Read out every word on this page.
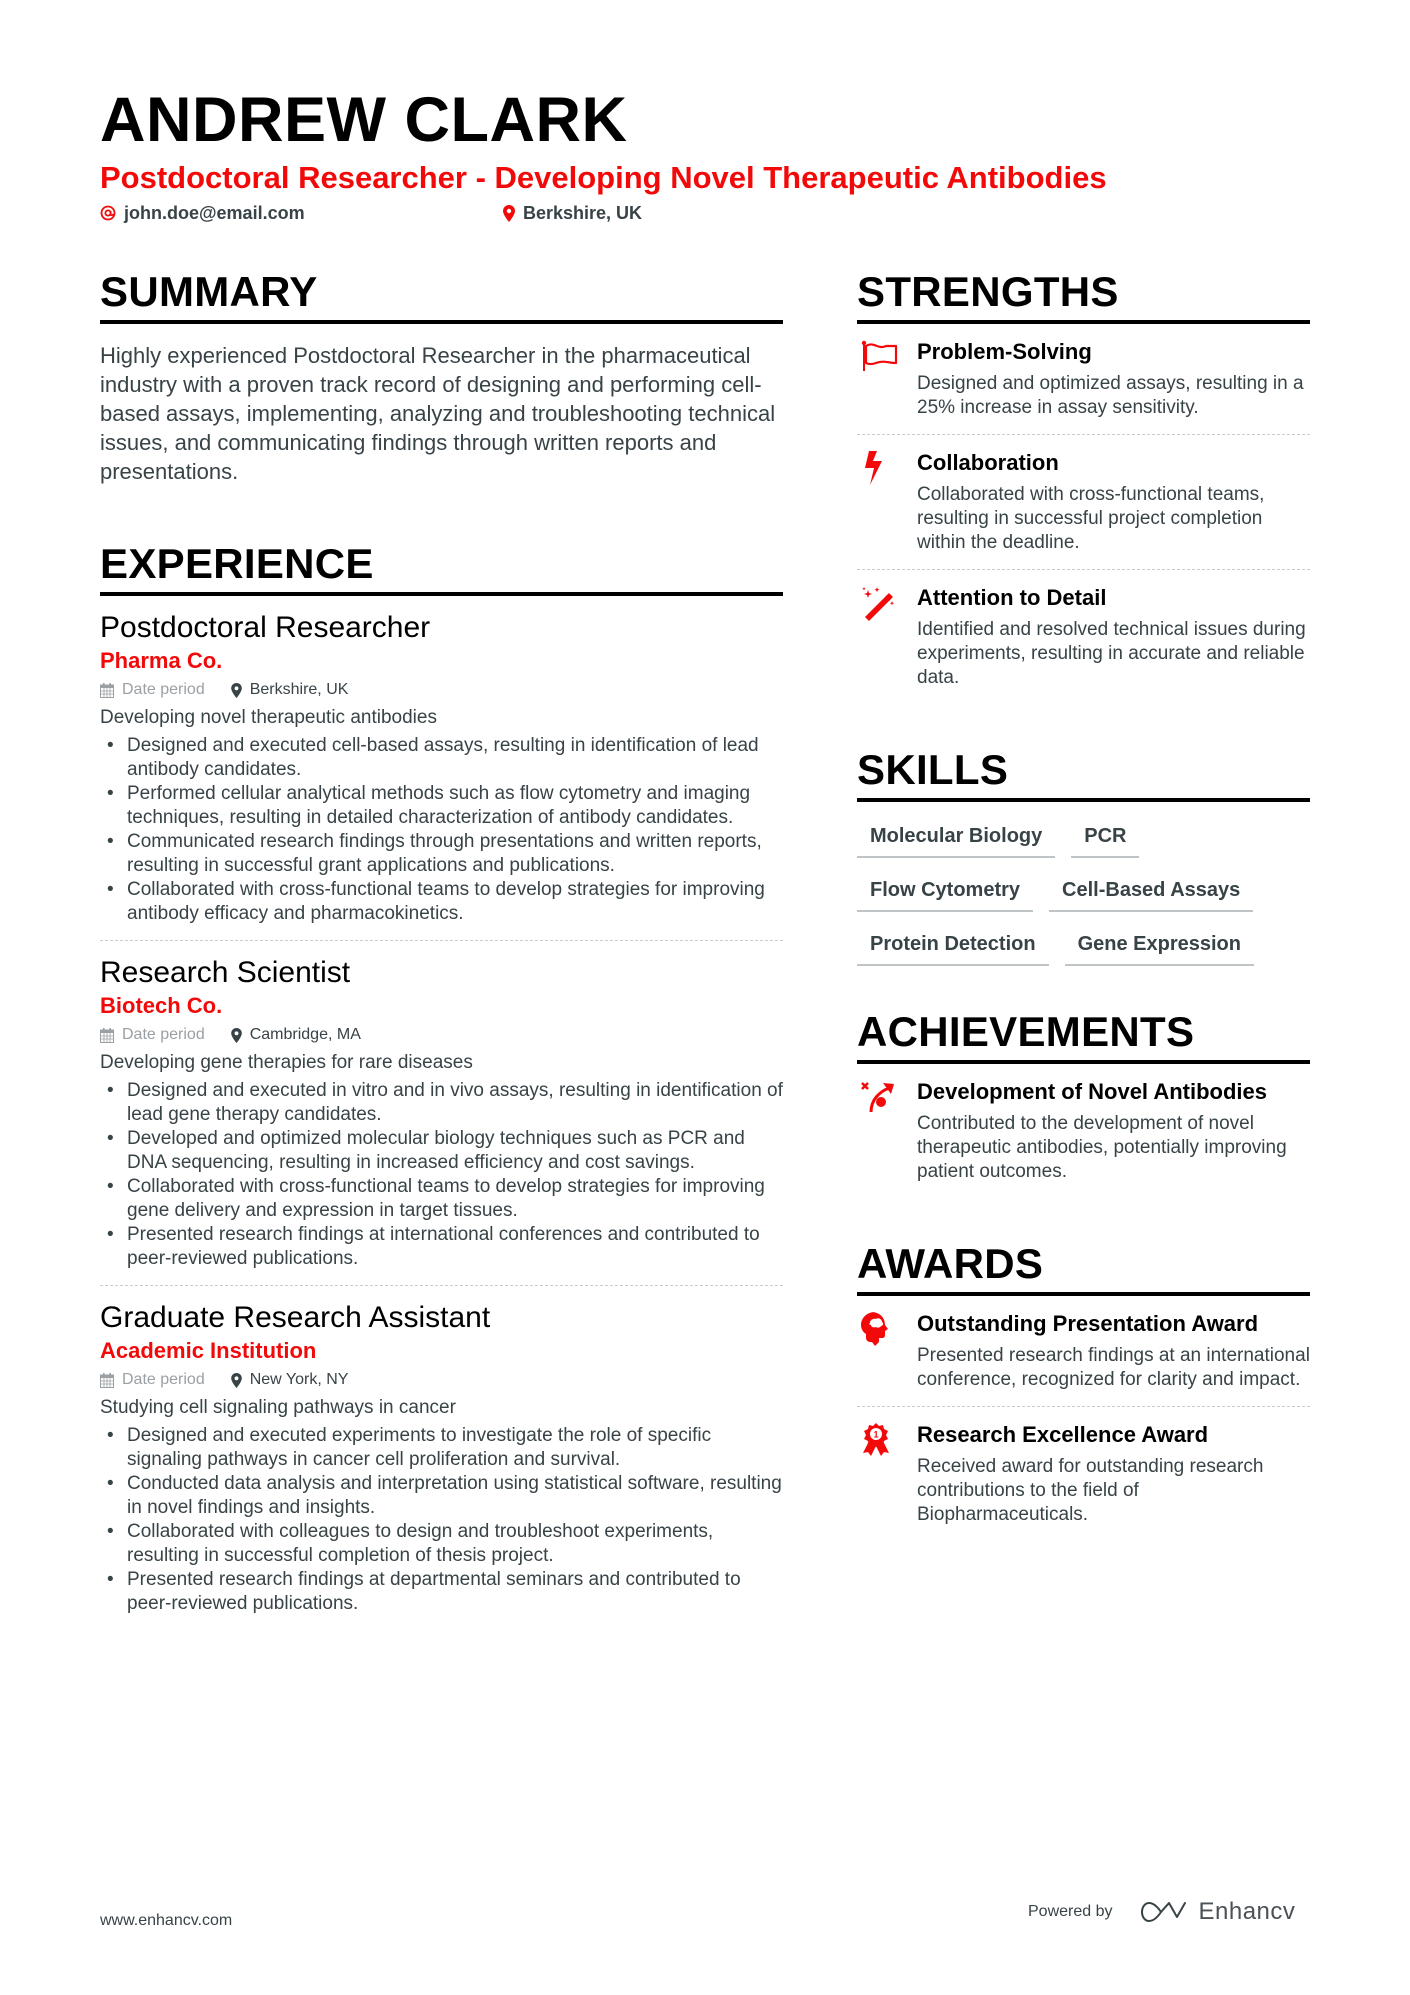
ANDREW CLARK
Postdoctoral Researcher - Developing Novel Therapeutic Antibodies
john.doe@email.com	Berkshire, UK
SUMMARY

Highly experienced Postdoctoral Researcher in the pharmaceutical industry with a proven track record of designing and performing cell-based assays, implementing, analyzing and troubleshooting technical issues, and communicating findings through written reports and presentations.

EXPERIENCE
Postdoctoral Researcher
Pharma Co.
Date period	Berkshire, UK
Developing novel therapeutic antibodies
• Designed and executed cell-based assays, resulting in identification of lead antibody candidates.
• Performed cellular analytical methods such as flow cytometry and imaging techniques, resulting in detailed characterization of antibody candidates.
• Communicated research findings through presentations and written reports, resulting in successful grant applications and publications.
• Collaborated with cross-functional teams to develop strategies for improving antibody efficacy and pharmacokinetics.
Research Scientist
Biotech Co.
Date period	Cambridge, MA
Developing gene therapies for rare diseases
• Designed and executed in vitro and in vivo assays, resulting in identification of lead gene therapy candidates.
• Developed and optimized molecular biology techniques such as PCR and DNA sequencing, resulting in increased efficiency and cost savings.
• Collaborated with cross-functional teams to develop strategies for improving gene delivery and expression in target tissues.
• Presented research findings at international conferences and contributed to peer-reviewed publications.
Graduate Research Assistant
Academic Institution
Date period	New York, NY
Studying cell signaling pathways in cancer
• Designed and executed experiments to investigate the role of specific signaling pathways in cancer cell proliferation and survival.
• Conducted data analysis and interpretation using statistical software, resulting in novel findings and insights.
• Collaborated with colleagues to design and troubleshoot experiments, resulting in successful completion of thesis project.
• Presented research findings at departmental seminars and contributed to peer-reviewed publications.
STRENGTHS
Problem-Solving
Designed and optimized assays, resulting in a 25% increase in assay sensitivity.
Collaboration
Collaborated with cross-functional teams, resulting in successful project completion within the deadline.
Attention to Detail
Identified and resolved technical issues during experiments, resulting in accurate and reliable data.
SKILLS
Molecular Biology	PCR
Flow Cytometry	Cell-Based Assays
Protein Detection	Gene Expression
ACHIEVEMENTS
Development of Novel Antibodies
Contributed to the development of novel therapeutic antibodies, potentially improving patient outcomes.
AWARDS
Outstanding Presentation Award
Presented research findings at an international conference, recognized for clarity and impact.
1 Research Excellence Award
Received award for outstanding research contributions to the field of Biopharmaceuticals.
www.enhancv.com
Powered by	Enhancv
